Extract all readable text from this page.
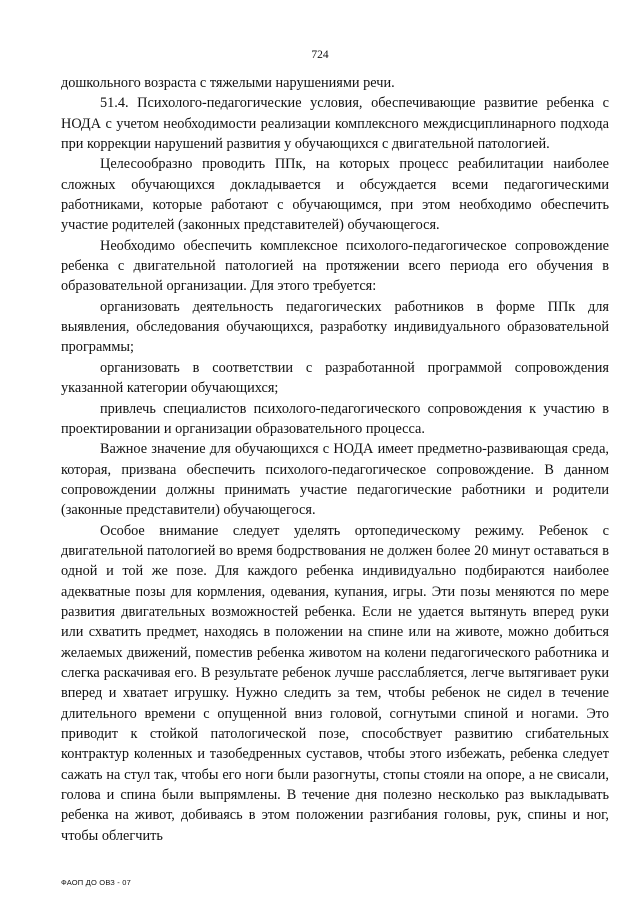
724

дошкольного возраста с тяжелыми нарушениями речи.

51.4. Психолого-педагогические условия, обеспечивающие развитие ребенка с НОДА с учетом необходимости реализации комплексного междисциплинарного подхода при коррекции нарушений развития у обучающихся с двигательной патологией.

Целесообразно проводить ППк, на которых процесс реабилитации наиболее сложных обучающихся докладывается и обсуждается всеми педагогическими работниками, которые работают с обучающимся, при этом необходимо обеспечить участие родителей (законных представителей) обучающегося.

Необходимо обеспечить комплексное психолого-педагогическое сопровождение ребенка с двигательной патологией на протяжении всего периода его обучения в образовательной организации. Для этого требуется:

организовать деятельность педагогических работников в форме ППк для выявления, обследования обучающихся, разработку индивидуального образовательной программы;

организовать в соответствии с разработанной программой сопровождения указанной категории обучающихся;

привлечь специалистов психолого-педагогического сопровождения к участию в проектировании и организации образовательного процесса.

Важное значение для обучающихся с НОДА имеет предметно-развивающая среда, которая, призвана обеспечить психолого-педагогическое сопровождение. В данном сопровождении должны принимать участие педагогические работники и родители (законные представители) обучающегося.

Особое внимание следует уделять ортопедическому режиму. Ребенок с двигательной патологией во время бодрствования не должен более 20 минут оставаться в одной и той же позе. Для каждого ребенка индивидуально подбираются наиболее адекватные позы для кормления, одевания, купания, игры. Эти позы меняются по мере развития двигательных возможностей ребенка. Если не удается вытянуть вперед руки или схватить предмет, находясь в положении на спине или на животе, можно добиться желаемых движений, поместив ребенка животом на колени педагогического работника и слегка раскачивая его. В результате ребенок лучше расслабляется, легче вытягивает руки вперед и хватает игрушку. Нужно следить за тем, чтобы ребенок не сидел в течение длительного времени с опущенной вниз головой, согнутыми спиной и ногами. Это приводит к стойкой патологической позе, способствует развитию сгибательных контрактур коленных и тазобедренных суставов, чтобы этого избежать, ребенка следует сажать на стул так, чтобы его ноги были разогнуты, стопы стояли на опоре, а не свисали, голова и спина были выпрямлены. В течение дня полезно несколько раз выкладывать ребенка на живот, добиваясь в этом положении разгибания головы, рук, спины и ног, чтобы облегчить

ФАОП ДО ОВЗ - 07
